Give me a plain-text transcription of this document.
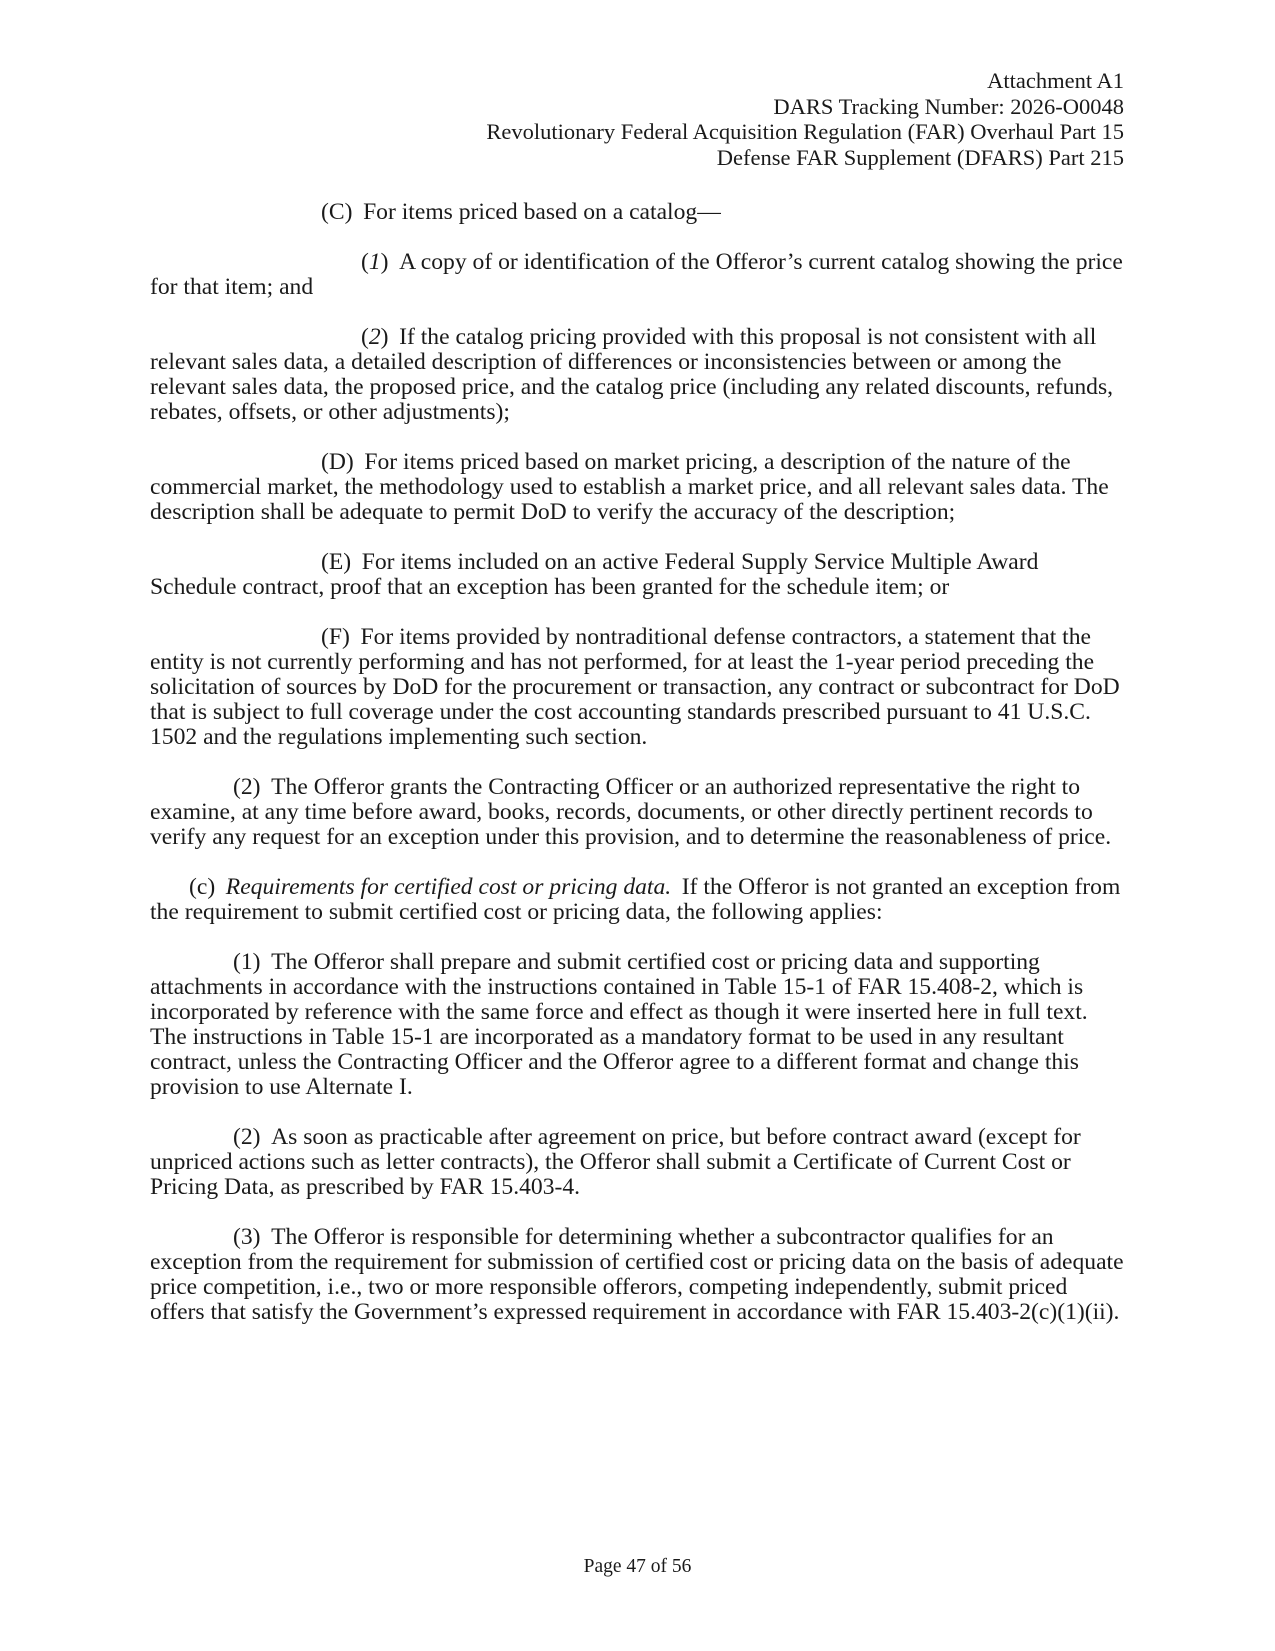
Attachment A1
DARS Tracking Number: 2026-O0048
Revolutionary Federal Acquisition Regulation (FAR) Overhaul Part 15
Defense FAR Supplement (DFARS) Part 215

(C) For items priced based on a catalog—

(1) A copy of or identification of the Offeror’s current catalog showing the price for that item; and

(2) If the catalog pricing provided with this proposal is not consistent with all relevant sales data, a detailed description of differences or inconsistencies between or among the relevant sales data, the proposed price, and the catalog price (including any related discounts, refunds, rebates, offsets, or other adjustments);

(D) For items priced based on market pricing, a description of the nature of the commercial market, the methodology used to establish a market price, and all relevant sales data. The description shall be adequate to permit DoD to verify the accuracy of the description;

(E) For items included on an active Federal Supply Service Multiple Award Schedule contract, proof that an exception has been granted for the schedule item; or

(F) For items provided by nontraditional defense contractors, a statement that the entity is not currently performing and has not performed, for at least the 1-year period preceding the solicitation of sources by DoD for the procurement or transaction, any contract or subcontract for DoD that is subject to full coverage under the cost accounting standards prescribed pursuant to 41 U.S.C. 1502 and the regulations implementing such section.

(2) The Offeror grants the Contracting Officer or an authorized representative the right to examine, at any time before award, books, records, documents, or other directly pertinent records to verify any request for an exception under this provision, and to determine the reasonableness of price.

(c) Requirements for certified cost or pricing data. If the Offeror is not granted an exception from the requirement to submit certified cost or pricing data, the following applies:

(1) The Offeror shall prepare and submit certified cost or pricing data and supporting attachments in accordance with the instructions contained in Table 15-1 of FAR 15.408-2, which is incorporated by reference with the same force and effect as though it were inserted here in full text. The instructions in Table 15-1 are incorporated as a mandatory format to be used in any resultant contract, unless the Contracting Officer and the Offeror agree to a different format and change this provision to use Alternate I.

(2) As soon as practicable after agreement on price, but before contract award (except for unpriced actions such as letter contracts), the Offeror shall submit a Certificate of Current Cost or Pricing Data, as prescribed by FAR 15.403-4.

(3) The Offeror is responsible for determining whether a subcontractor qualifies for an exception from the requirement for submission of certified cost or pricing data on the basis of adequate price competition, i.e., two or more responsible offerors, competing independently, submit priced offers that satisfy the Government’s expressed requirement in accordance with FAR 15.403-2(c)(1)(ii).

Page 47 of 56
